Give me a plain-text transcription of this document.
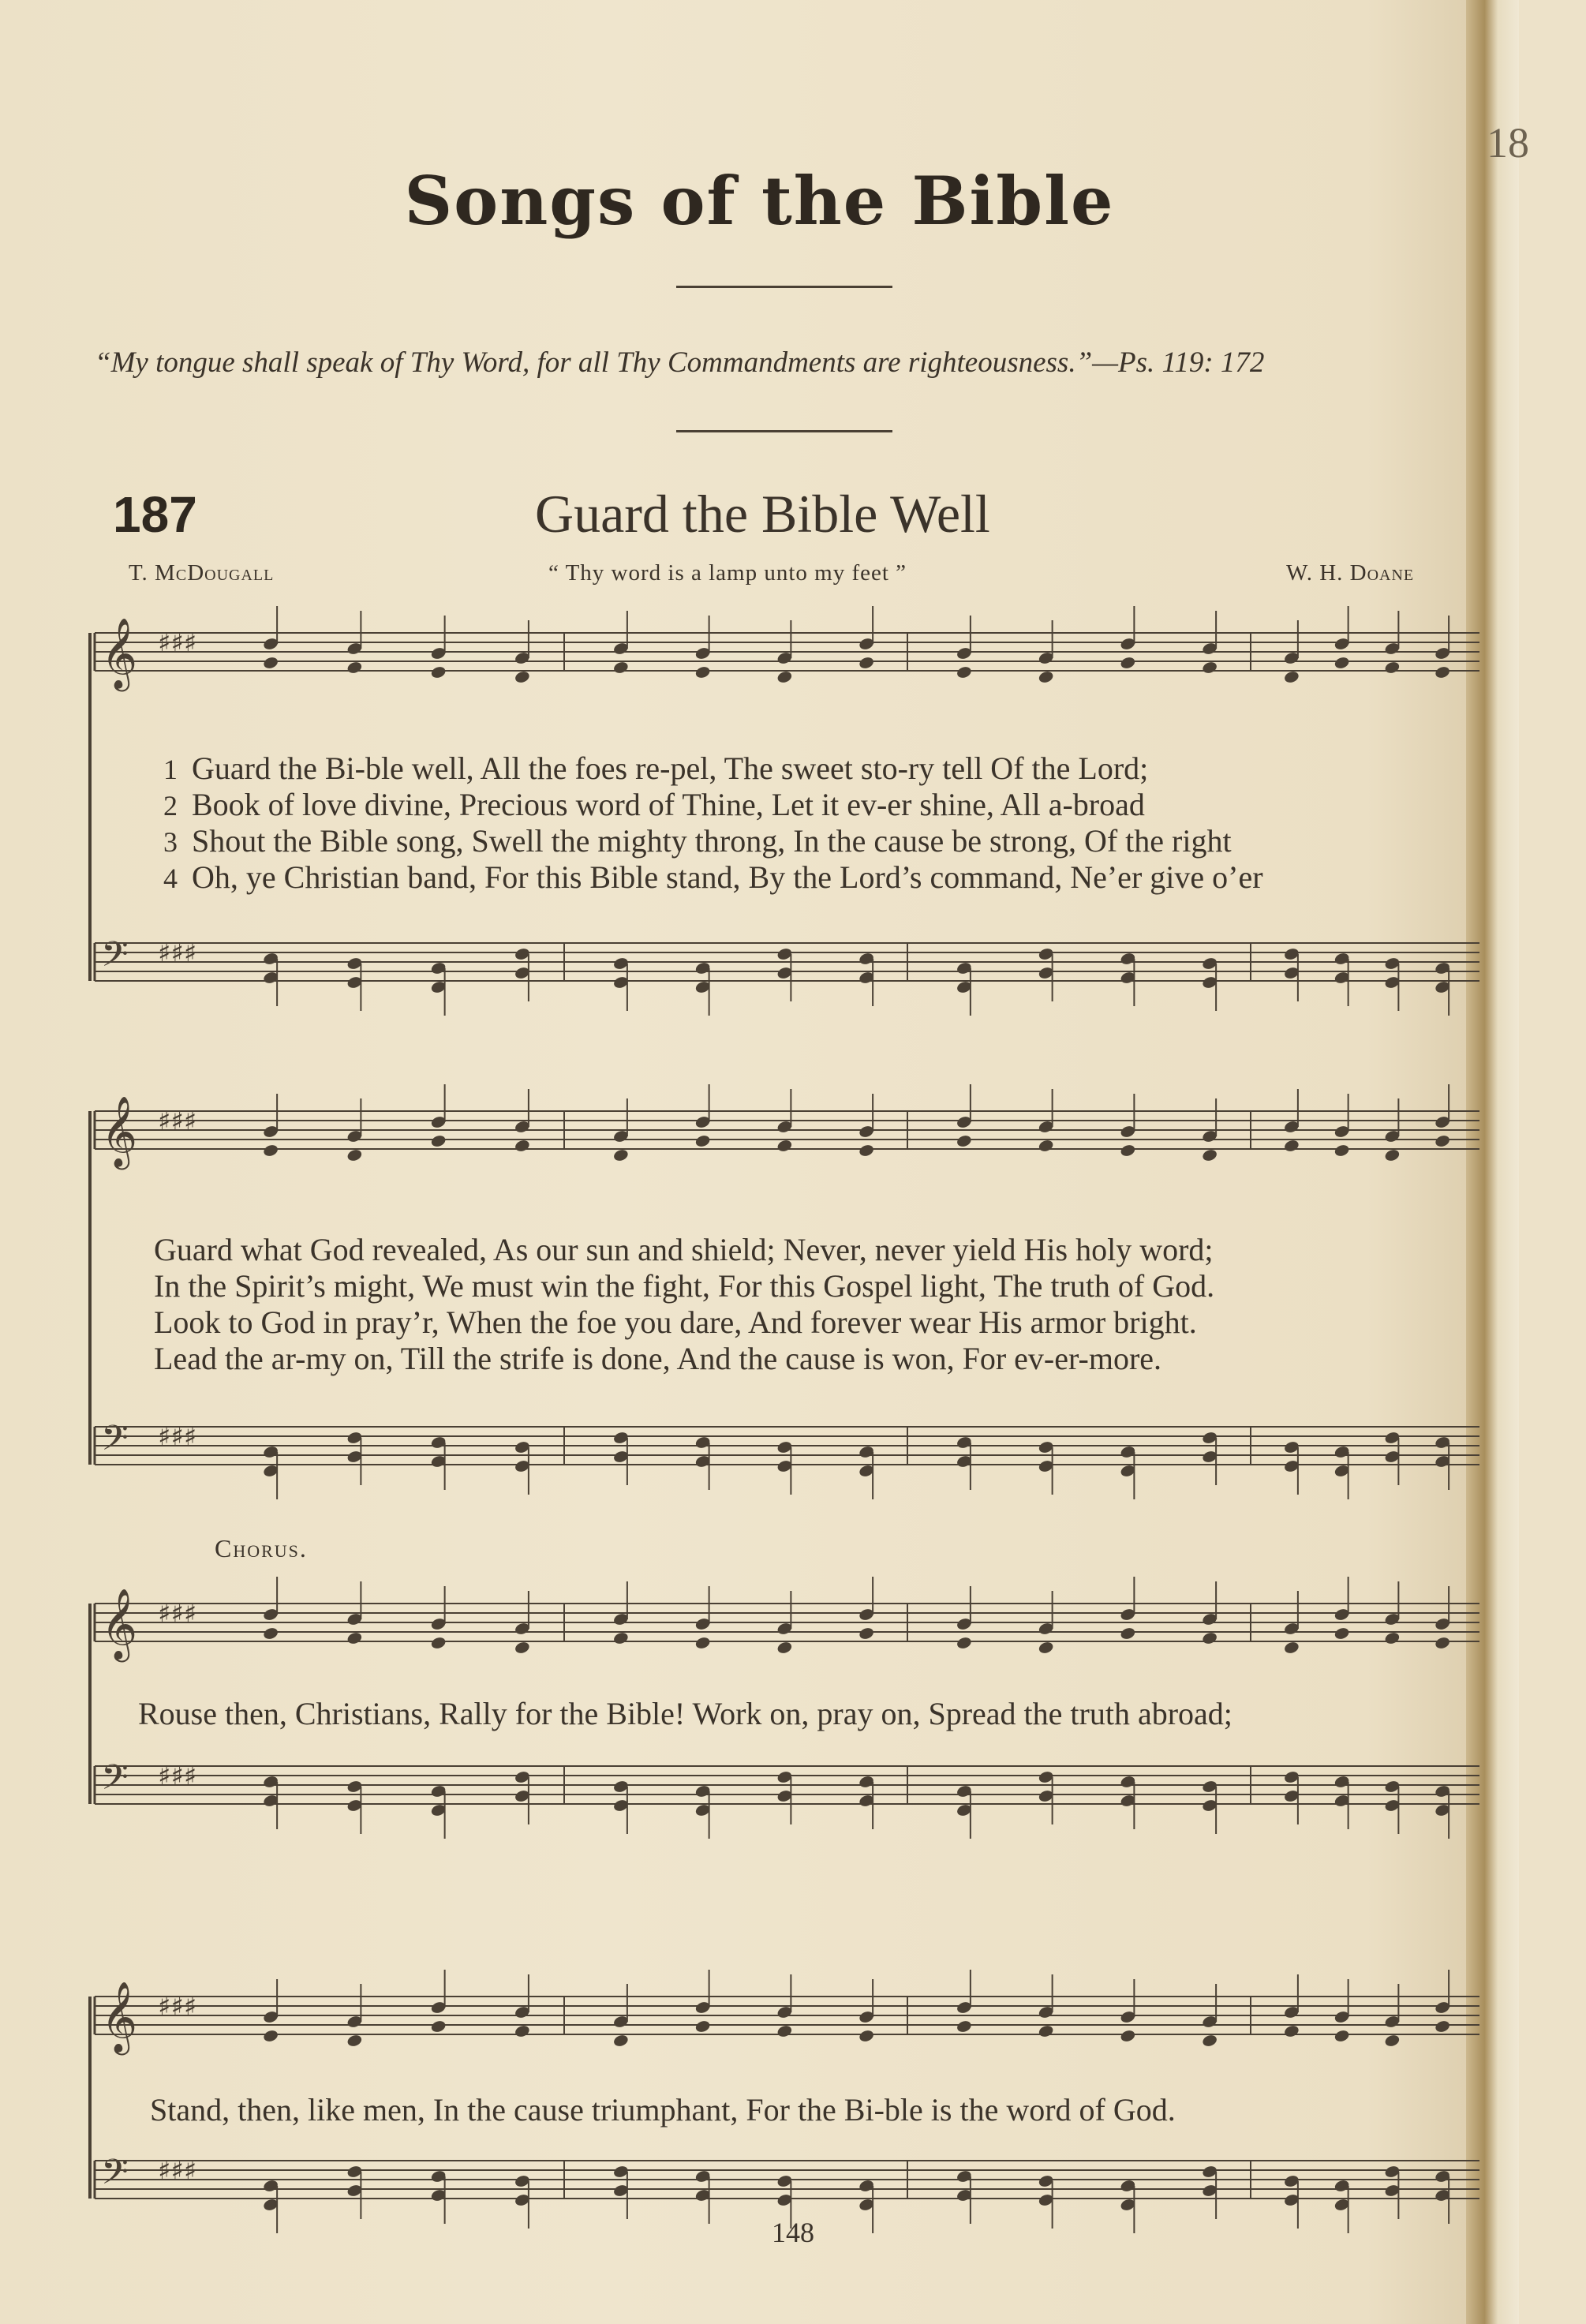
18
Songs of the Bible
“My tongue shall speak of Thy Word, for all Thy Commandments are righteousness.”—Ps. 119: 172
187	Guard the Bible Well
T. McDougall	“ Thy word is a lamp unto my feet ”	W. H. Doane
𝄞 ♯♯♯
𝄢 ♯♯♯
𝄞 ♯♯♯
𝄢 ♯♯♯
𝄞 ♯♯♯
𝄢 ♯♯♯
𝄞 ♯♯♯
𝄢 ♯♯♯
1 Guard the Bi-ble well, All the foes re-pel, The sweet sto-ry tell Of the Lord;
2 Book of love divine, Precious word of Thine, Let it ev-er shine, All a-broad
3 Shout the Bible song, Swell the mighty throng, In the cause be strong, Of the right
4 Oh, ye Christian band, For this Bible stand, By the Lord’s command, Ne’er give o’er
Guard what God revealed, As our sun and shield; Never, never yield His holy word;
In the Spirit’s might, We must win the fight, For this Gospel light, The truth of God.
Look to God in pray’r, When the foe you dare, And forever wear His armor bright.
Lead the ar-my on, Till the strife is done, And the cause is won, For ev-er-more.
Chorus.
Rouse then, Christians, Rally for the Bible! Work on, pray on, Spread the truth abroad;
Stand, then, like men, In the cause triumphant, For the Bi-ble is the word of God.
148
